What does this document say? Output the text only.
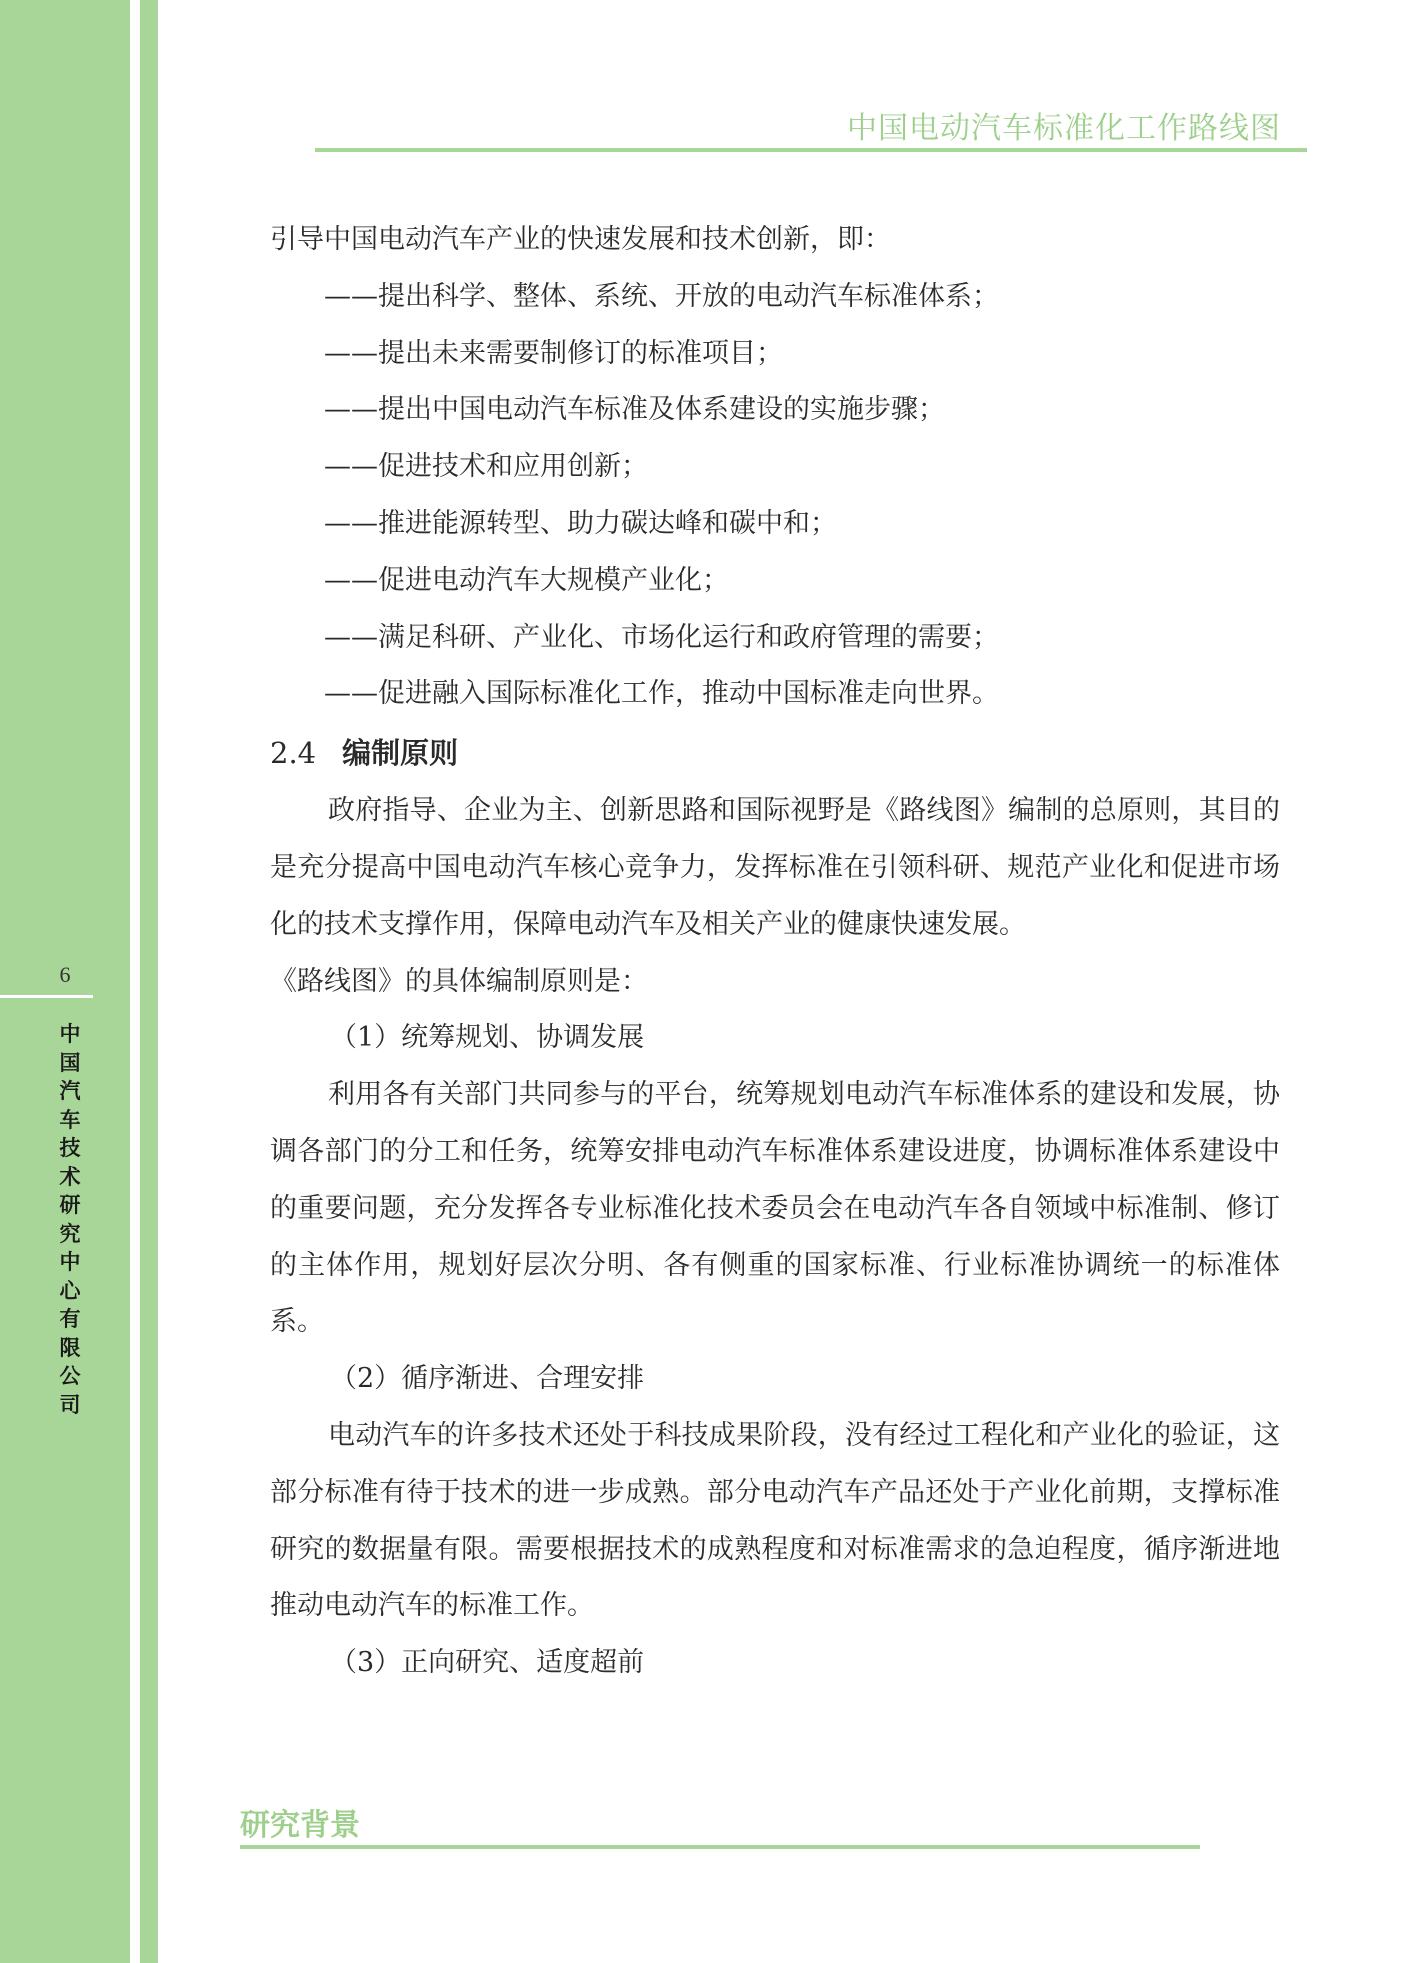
6
中国汽车技术研究中心有限公司
中国电动汽车标准化工作路线图
引导中国电动汽车产业的快速发展和技术创新，即：
——提出科学、整体、系统、开放的电动汽车标准体系；
——提出未来需要制修订的标准项目；
——提出中国电动汽车标准及体系建设的实施步骤；
——促进技术和应用创新；
——推进能源转型、助力碳达峰和碳中和；
——促进电动汽车大规模产业化；
——满足科研、产业化、市场化运行和政府管理的需要；
——促进融入国际标准化工作，推动中国标准走向世界。
2.4 编制原则
政府指导、企业为主、创新思路和国际视野是《路线图》编制的总原则，其目的是充分提高中国电动汽车核心竞争力，发挥标准在引领科研、规范产业化和促进市场化的技术支撑作用，保障电动汽车及相关产业的健康快速发展。
《路线图》的具体编制原则是：
（1）统筹规划、协调发展
利用各有关部门共同参与的平台，统筹规划电动汽车标准体系的建设和发展，协调各部门的分工和任务，统筹安排电动汽车标准体系建设进度，协调标准体系建设中的重要问题，充分发挥各专业标准化技术委员会在电动汽车各自领域中标准制、修订的主体作用，规划好层次分明、各有侧重的国家标准、行业标准协调统一的标准体系。
（2）循序渐进、合理安排
电动汽车的许多技术还处于科技成果阶段，没有经过工程化和产业化的验证，这部分标准有待于技术的进一步成熟。部分电动汽车产品还处于产业化前期，支撑标准研究的数据量有限。需要根据技术的成熟程度和对标准需求的急迫程度，循序渐进地推动电动汽车的标准工作。
（3）正向研究、适度超前
研究背景
